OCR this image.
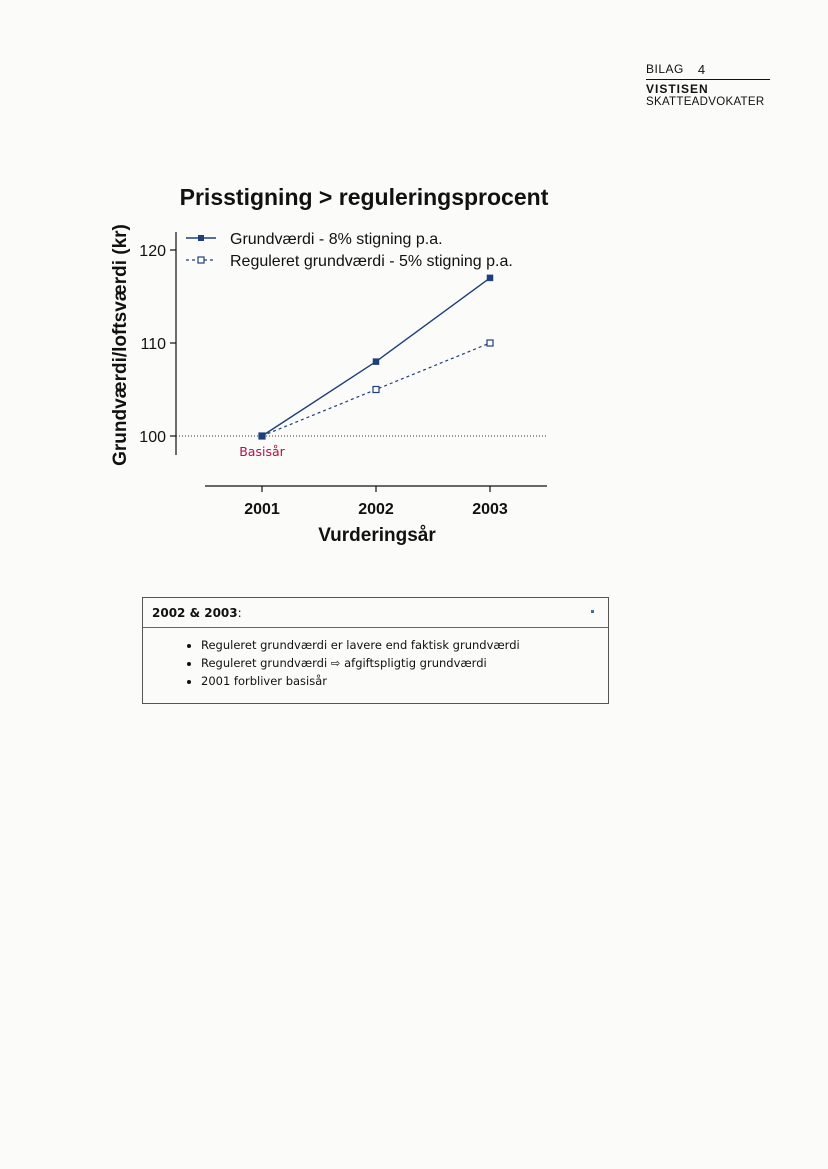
BILAG 4
VISTISEN
SKATTEADVOKATER
Prisstigning > reguleringsprocent
Grundværdi/loftsværdi (kr) 100
110
120
2001	2002	2003
Basisår
Grundværdi - 8% stigning p.a.
Reguleret grundværdi - 5% stigning p.a.
Vurderingsår
2002 & 2003:
• Reguleret grundværdi er lavere end faktisk grundværdi
• Reguleret grundværdi ⇨ afgiftspligtig grundværdi
• 2001 forbliver basisår
